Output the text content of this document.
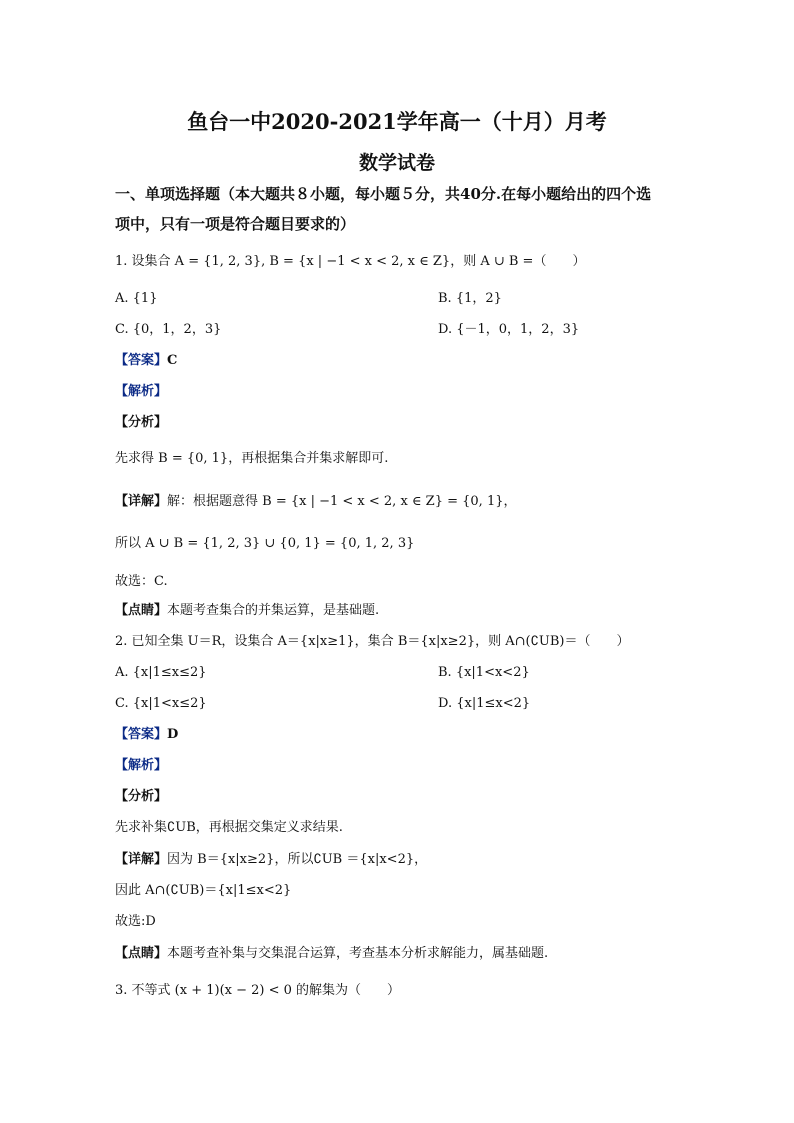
鱼台一中2020-2021学年高一（十月）月考
数学试卷
一、单项选择题（本大题共８小题，每小题５分，共40分.在每小题给出的四个选
项中，只有一项是符合题目要求的）
1. 设集合 A = {1, 2, 3}, B = {x | −1 < x < 2, x ∈ Z}，则 A ∪ B =（　　）
A. {1}	B. {1，2}
C. {0，1，2，3}	D. {－1，0，1，2，3}
【答案】C
【解析】
【分析】
先求得 B = {0, 1}，再根据集合并集求解即可.
【详解】解：根据题意得 B = {x | −1 < x < 2, x ∈ Z} = {0, 1}，
所以 A ∪ B = {1, 2, 3} ∪ {0, 1} = {0, 1, 2, 3}
故选：C.
【点睛】本题考查集合的并集运算，是基础题.
2. 已知全集 U＝R，设集合 A＝{x|x≥1}，集合 B＝{x|x≥2}，则 A∩(∁UB)＝（　　）
A. {x|1≤x≤2}	B. {x|1<x<2}
C. {x|1<x≤2}	D. {x|1≤x<2}
【答案】D
【解析】
【分析】
先求补集∁UB，再根据交集定义求结果.
【详解】因为 B＝{x|x≥2}，所以∁UB ＝{x|x<2}，
因此 A∩(∁UB)＝{x|1≤x<2}
故选:D
【点睛】本题考查补集与交集混合运算，考查基本分析求解能力，属基础题.
3. 不等式 (x + 1)(x − 2) < 0 的解集为（　　）
